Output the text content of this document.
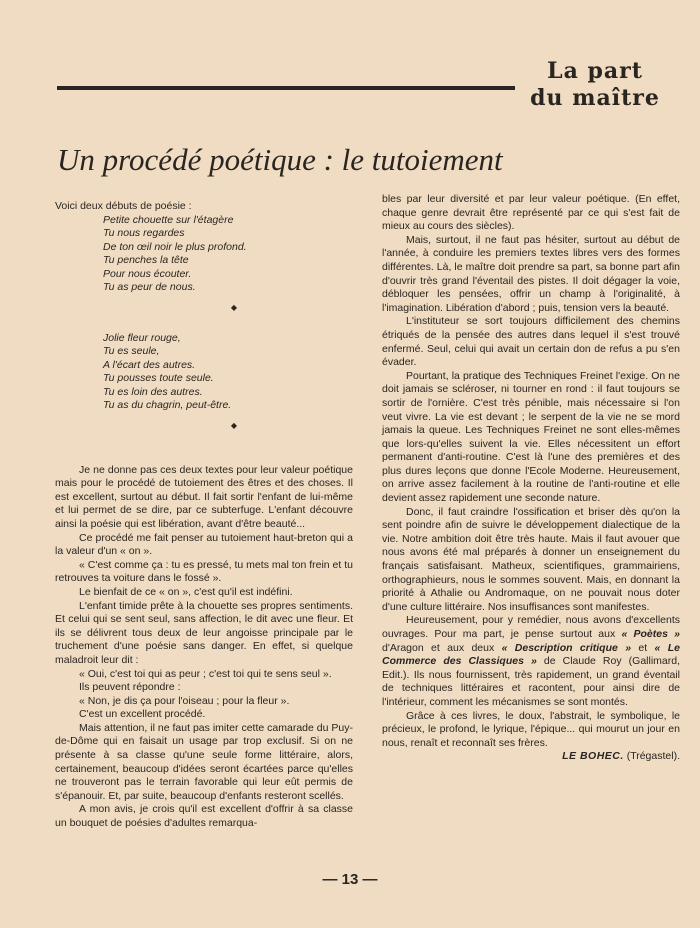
La part
du maître
Un procédé poétique : le tutoiement

Voici deux débuts de poésie :

Petite chouette sur l'étagère
Tu nous regardes
De ton œil noir le plus profond.
Tu penches la tête
Pour nous écouter.
Tu as peur de nous.
◆
Jolie fleur rouge,
Tu es seule,
A l'écart des autres.
Tu pousses toute seule.
Tu es loin des autres.
Tu as du chagrin, peut-être.
◆

Je ne donne pas ces deux textes pour leur valeur poétique mais pour le procédé de tutoiement des êtres et des choses. Il est excellent, surtout au début. Il fait sortir l'enfant de lui-même et lui permet de se dire, par ce subterfuge. L'enfant découvre ainsi la poésie qui est libération, avant d'être beauté...

Ce procédé me fait penser au tutoiement haut-breton qui a la valeur d'un « on ».

« C'est comme ça : tu es pressé, tu mets mal ton frein et tu retrouves ta voiture dans le fossé ».

Le bienfait de ce « on », c'est qu'il est indéfini.

L'enfant timide prête à la chouette ses propres sentiments. Et celui qui se sent seul, sans affection, le dit avec une fleur. Et ils se délivrent tous deux de leur angoisse principale par le truchement d'une poésie sans danger. En effet, si quelque maladroit leur dit :

« Oui, c'est toi qui as peur ; c'est toi qui te sens seul ».

Ils peuvent répondre :

« Non, je dis ça pour l'oiseau ; pour la fleur ».

C'est un excellent procédé.

Mais attention, il ne faut pas imiter cette camarade du Puy-de-Dôme qui en faisait un usage par trop exclusif. Si on ne présente à sa classe qu'une seule forme littéraire, alors, certainement, beaucoup d'idées seront écartées parce qu'elles ne trouveront pas le terrain favorable qui leur eût permis de s'épanouir. Et, par suite, beaucoup d'enfants resteront scellés.

A mon avis, je crois qu'il est excellent d'offrir à sa classe un bouquet de poésies d'adultes remarqua-

bles par leur diversité et par leur valeur poétique. (En effet, chaque genre devrait être représenté par ce qui s'est fait de mieux au cours des siècles).

Mais, surtout, il ne faut pas hésiter, surtout au début de l'année, à conduire les premiers textes libres vers des formes différentes. Là, le maître doit prendre sa part, sa bonne part afin d'ouvrir très grand l'éventail des pistes. Il doit dégager la voie, débloquer les pensées, offrir un champ à l'originalité, à l'imagination. Libération d'abord ; puis, tension vers la beauté.

L'instituteur se sort toujours difficilement des chemins étriqués de la pensée des autres dans lequel il s'est trouvé enfermé. Seul, celui qui avait un certain don de refus a pu s'en évader.

Pourtant, la pratique des Techniques Freinet l'exige. On ne doit jamais se scléroser, ni tourner en rond : il faut toujours se sortir de l'ornière. C'est très pénible, mais nécessaire si l'on veut vivre. La vie est devant ; le serpent de la vie ne se mord jamais la queue. Les Techniques Freinet ne sont elles-mêmes que lors-qu'elles suivent la vie. Elles nécessitent un effort permanent d'anti-routine. C'est là l'une des premières et des plus dures leçons que donne l'Ecole Moderne. Heureusement, on arrive assez facilement à la routine de l'anti-routine et elle devient assez rapidement une seconde nature.

Donc, il faut craindre l'ossification et briser dès qu'on la sent poindre afin de suivre le développement dialectique de la vie. Notre ambition doit être très haute. Mais il faut avouer que nous avons été mal préparés à donner un enseignement du français satisfaisant. Matheux, scientifiques, grammairiens, orthographieurs, nous le sommes souvent. Mais, en donnant la priorité à Athalie ou Andromaque, on ne pouvait nous doter d'une culture littéraire. Nos insuffisances sont manifestes.

Heureusement, pour y remédier, nous avons d'excellents ouvrages. Pour ma part, je pense surtout aux « Poètes » d'Aragon et aux deux « Description critique » et « Le Commerce des Classiques » de Claude Roy (Gallimard, Edit.). Ils nous fournissent, très rapidement, un grand éventail de techniques littéraires et racontent, pour ainsi dire de l'intérieur, comment les mécanismes se sont montés.

Grâce à ces livres, le doux, l'abstrait, le symbolique, le précieux, le profond, le lyrique, l'épique... qui mourut un jour en nous, renaît et reconnaît ses frères.

LE BOHEC. (Trégastel).

— 13 —
